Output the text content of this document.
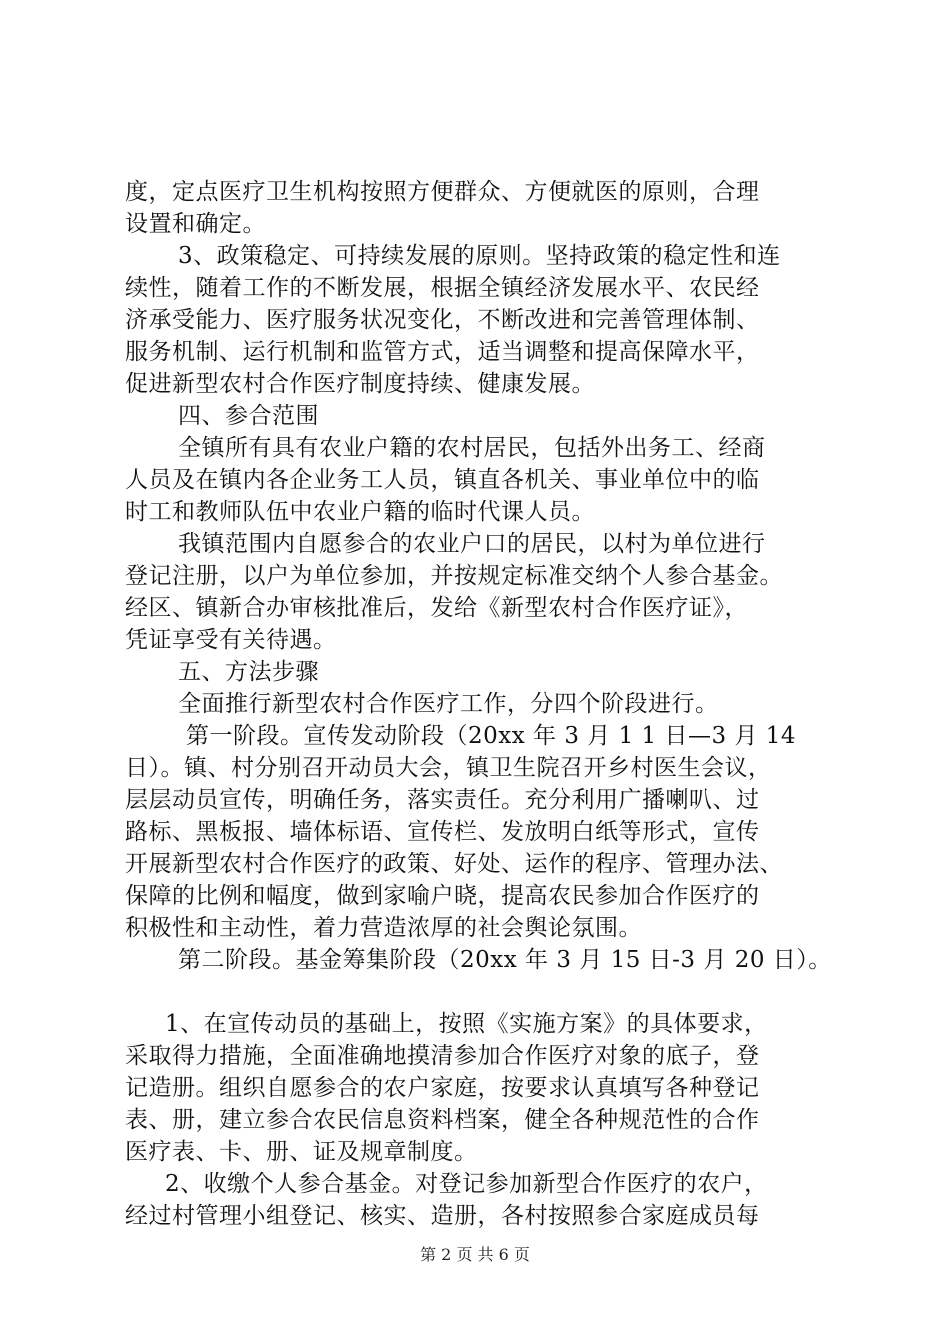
度，定点医疗卫生机构按照方便群众、方便就医的原则，合理
设置和确定。
3、政策稳定、可持续发展的原则。坚持政策的稳定性和连
续性，随着工作的不断发展，根据全镇经济发展水平、农民经
济承受能力、医疗服务状况变化，不断改进和完善管理体制、
服务机制、运行机制和监管方式，适当调整和提高保障水平，
促进新型农村合作医疗制度持续、健康发展。
四、参合范围
全镇所有具有农业户籍的农村居民，包括外出务工、经商
人员及在镇内各企业务工人员，镇直各机关、事业单位中的临
时工和教师队伍中农业户籍的临时代课人员。
我镇范围内自愿参合的农业户口的居民，以村为单位进行
登记注册，以户为单位参加，并按规定标准交纳个人参合基金。
经区、镇新合办审核批准后，发给《新型农村合作医疗证》，
凭证享受有关待遇。
五、方法步骤
全面推行新型农村合作医疗工作，分四个阶段进行。
第一阶段。宣传发动阶段（20xx 年 3 月 1 1 日—3 月 14
日）。镇、村分别召开动员大会，镇卫生院召开乡村医生会议，
层层动员宣传，明确任务，落实责任。充分利用广播喇叭、过
路标、黑板报、墙体标语、宣传栏、发放明白纸等形式，宣传
开展新型农村合作医疗的政策、好处、运作的程序、管理办法、
保障的比例和幅度，做到家喻户晓，提高农民参加合作医疗的
积极性和主动性，着力营造浓厚的社会舆论氛围。
第二阶段。基金筹集阶段（20xx 年 3 月 15 日-3 月 20 日）。
1、在宣传动员的基础上，按照《实施方案》的具体要求，
采取得力措施，全面准确地摸清参加合作医疗对象的底子，登
记造册。组织自愿参合的农户家庭，按要求认真填写各种登记
表、册，建立参合农民信息资料档案，健全各种规范性的合作
医疗表、卡、册、证及规章制度。
2、收缴个人参合基金。对登记参加新型合作医疗的农户，
经过村管理小组登记、核实、造册，各村按照参合家庭成员每
第 2 页 共 6 页
